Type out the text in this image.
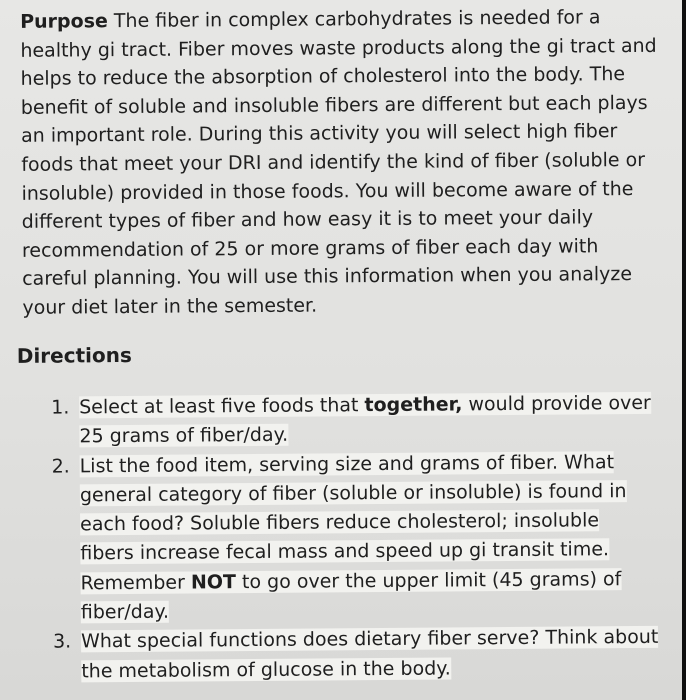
Purpose The fiber in complex carbohydrates is needed for a
healthy gi tract. Fiber moves waste products along the gi tract and
helps to reduce the absorption of cholesterol into the body. The
benefit of soluble and insoluble fibers are different but each plays
an important role. During this activity you will select high fiber
foods that meet your DRI and identify the kind of fiber (soluble or
insoluble) provided in those foods. You will become aware of the
different types of fiber and how easy it is to meet your daily
recommendation of 25 or more grams of fiber each day with
careful planning. You will use this information when you analyze
your diet later in the semester.

Directions
1. Select at least five foods that together, would provide over
25 grams of fiber/day.
2. List the food item, serving size and grams of fiber. What
general category of fiber (soluble or insoluble) is found in
each food? Soluble fibers reduce cholesterol; insoluble
fibers increase fecal mass and speed up gi transit time.
Remember NOT to go over the upper limit (45 grams) of
fiber/day.
3. What special functions does dietary fiber serve? Think about
the metabolism of glucose in the body.
